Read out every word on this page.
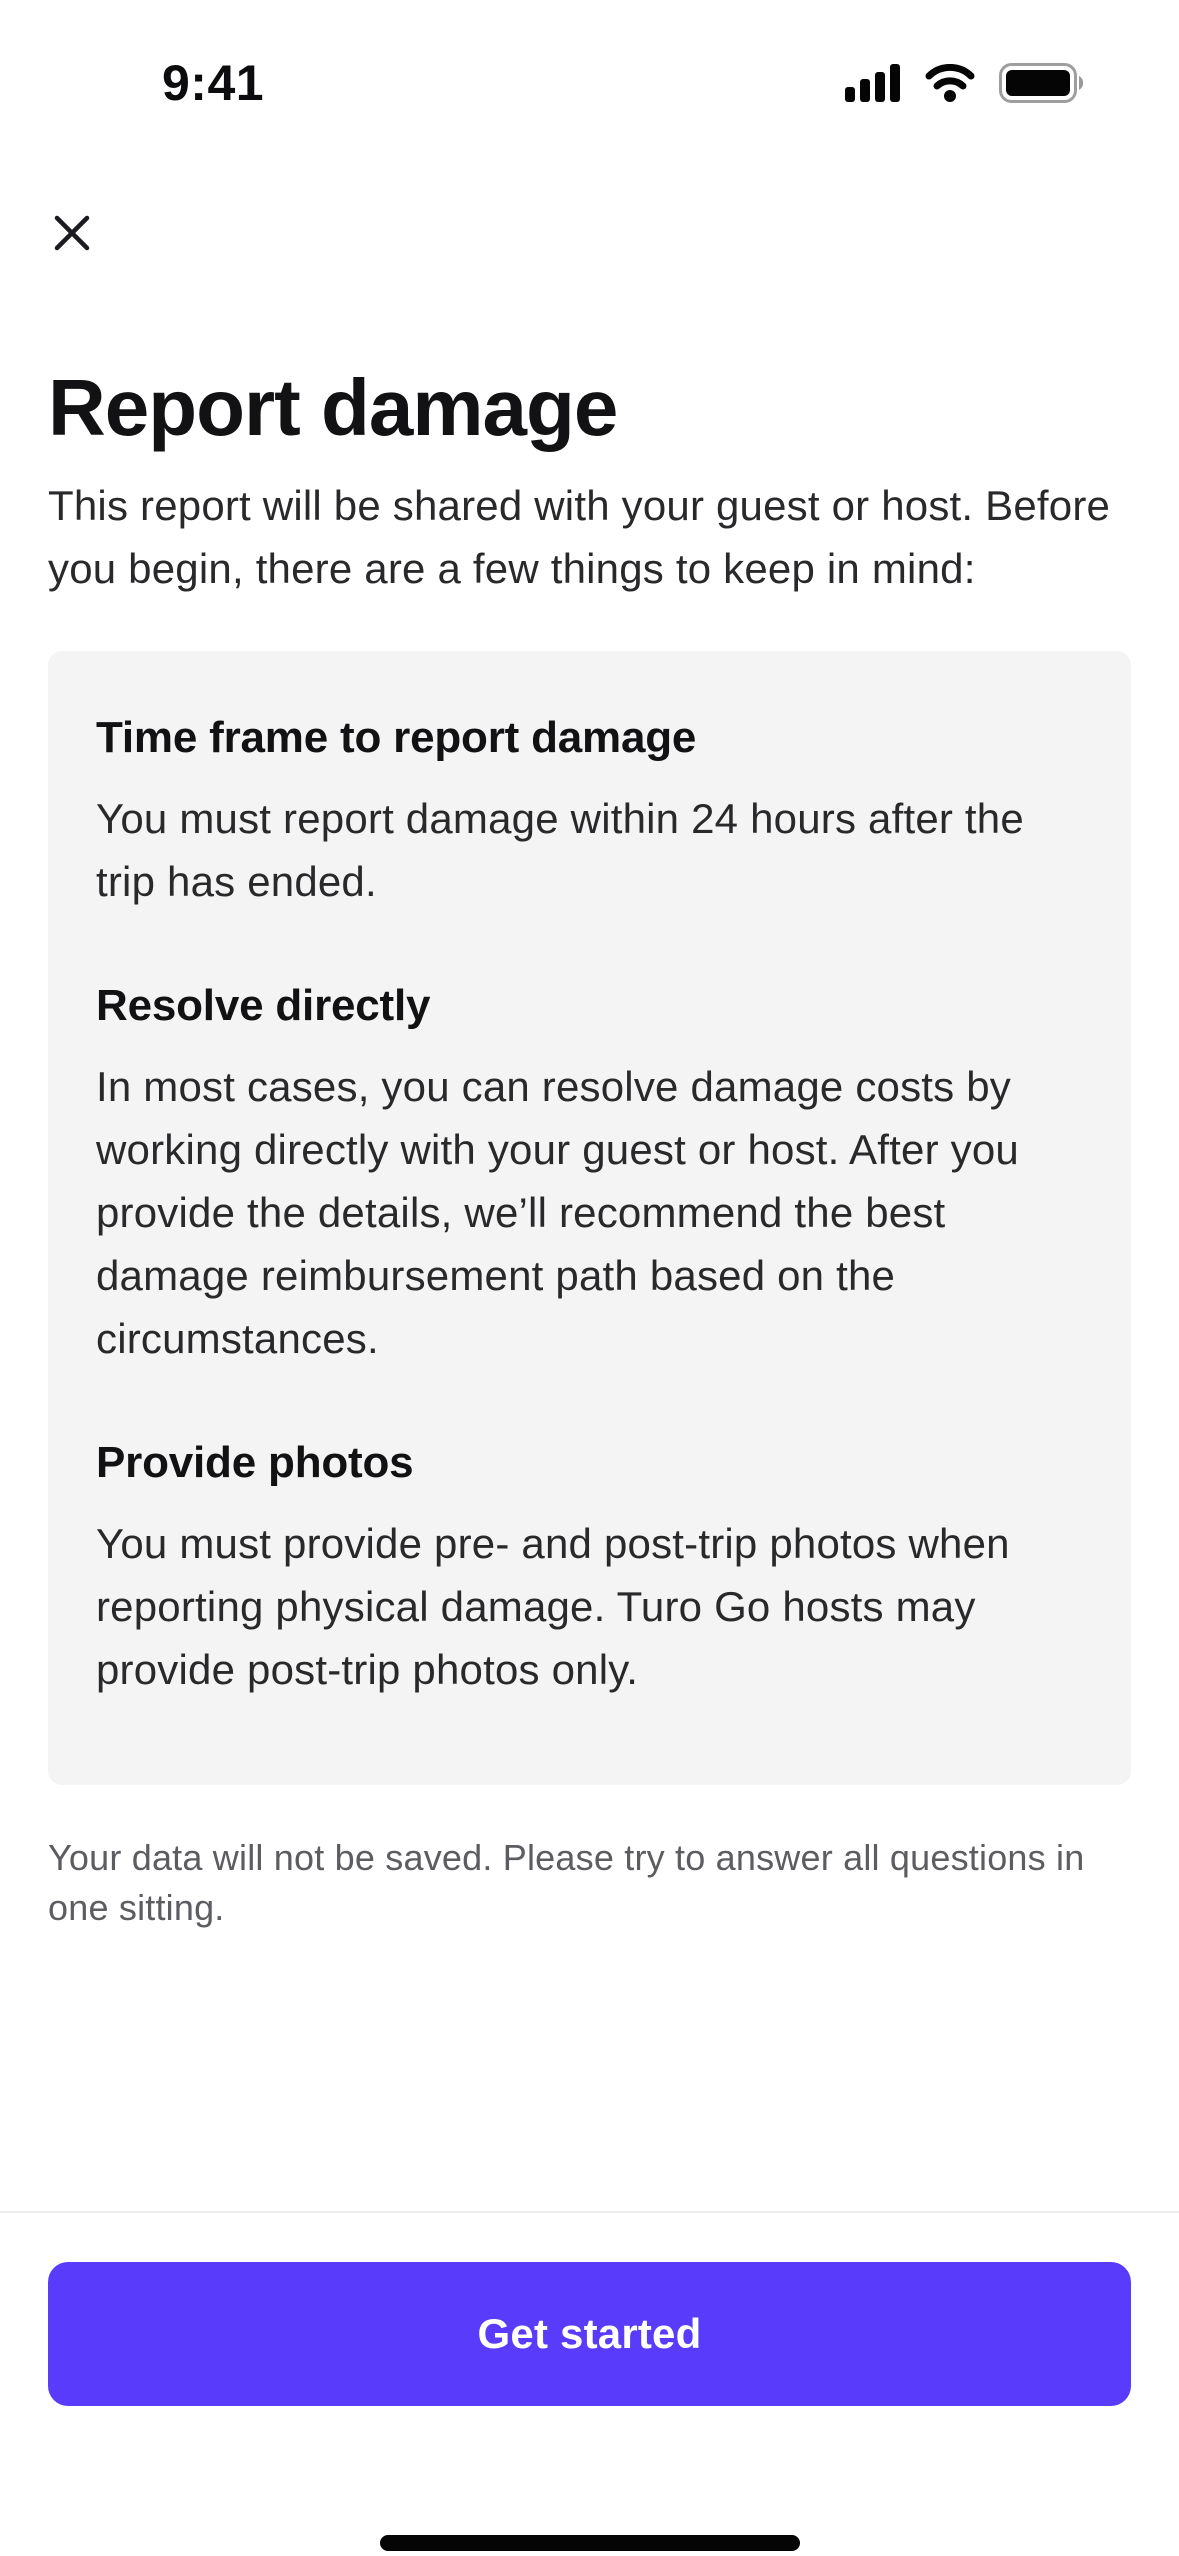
9:41
Report damage

This report will be shared with your guest or host. Before you begin, there are a few things to keep in mind:

Time frame to report damage

You must report damage within 24 hours after the trip has ended.

Resolve directly

In most cases, you can resolve damage costs by working directly with your guest or host. After you provide the details, we’ll recommend the best damage reimbursement path based on the circumstances.

Provide photos

You must provide pre- and post-trip photos when reporting physical damage. Turo Go hosts may provide post-trip photos only.

Your data will not be saved. Please try to answer all questions in one sitting.

Get started
